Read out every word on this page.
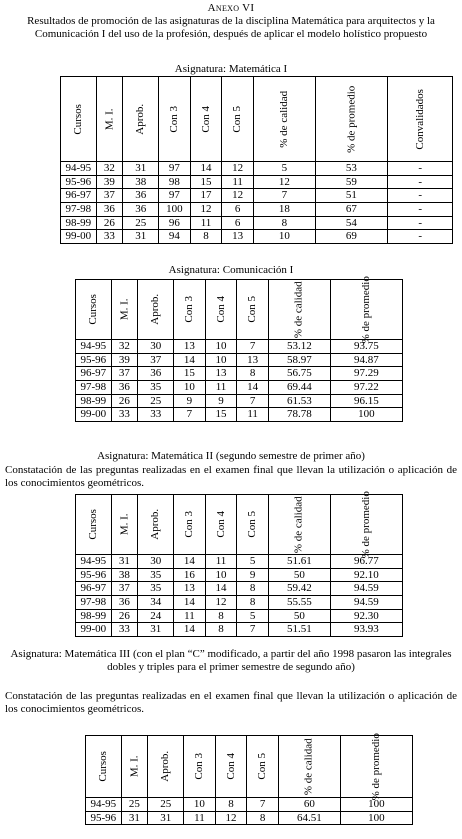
Anexo VI
Resultados de promoción de las asignaturas de la disciplina Matemática para arquitectos y la Comunicación I del uso de la profesión, después de aplicar el modelo holístico propuesto
Asignatura: Matemática I
Cursos	M. I.	Aprob.	Con 3	Con 4	Con 5	% de calidad	% de promedio	Convalidados
94-95	32	31	97	14	12	5	53	-
95-96	39	38	98	15	11	12	59	-
96-97	37	36	97	17	12	7	51	-
97-98	36	36	100	12	6	18	67	-
98-99	26	25	96	11	6	8	54	-
99-00	33	31	94	8	13	10	69	-
Asignatura: Comunicación I
Cursos	M. I.	Aprob.	Con 3	Con 4	Con 5	% de calidad	% de promedio
94-95	32	30	13	10	7	53.12	93.75
95-96	39	37	14	10	13	58.97	94.87
96-97	37	36	15	13	8	56.75	97.29
97-98	36	35	10	11	14	69.44	97.22
98-99	26	25	9	9	7	61.53	96.15
99-00	33	33	7	15	11	78.78	100
Asignatura: Matemática II (segundo semestre de primer año)
Constatación de las preguntas realizadas en el examen final que llevan la utilización o aplicación de los conocimientos geométricos.
Cursos	M. I.	Aprob.	Con 3	Con 4	Con 5	% de calidad	% de promedio
94-95	31	30	14	11	5	51.61	96.77
95-96	38	35	16	10	9	50	92.10
96-97	37	35	13	14	8	59.42	94.59
97-98	36	34	14	12	8	55.55	94.59
98-99	26	24	11	8	5	50	92.30
99-00	33	31	14	8	7	51.51	93.93
Asignatura: Matemática III (con el plan “C” modificado, a partir del año 1998 pasaron las integrales dobles y triples para el primer semestre de segundo año)
Constatación de las preguntas realizadas en el examen final que llevan la utilización o aplicación de los conocimientos geométricos.
Cursos	M. I.	Aprob.	Con 3	Con 4	Con 5	% de calidad	% de promedio
94-95	25	25	10	8	7	60	100
95-96	31	31	11	12	8	64.51	100
